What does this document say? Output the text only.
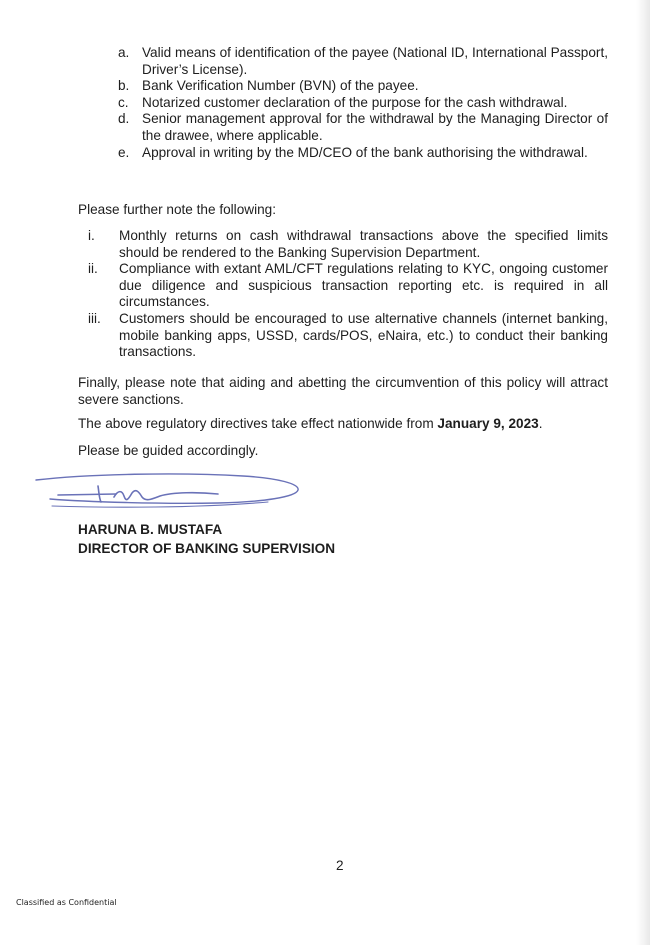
a. Valid means of identification of the payee (National ID, International Passport, Driver’s License).
b. Bank Verification Number (BVN) of the payee.
c. Notarized customer declaration of the purpose for the cash withdrawal.
d. Senior management approval for the withdrawal by the Managing Director of the drawee, where applicable.
e. Approval in writing by the MD/CEO of the bank authorising the withdrawal.

Please further note the following:

i. Monthly returns on cash withdrawal transactions above the specified limits should be rendered to the Banking Supervision Department.
ii. Compliance with extant AML/CFT regulations relating to KYC, ongoing customer due diligence and suspicious transaction reporting etc. is required in all circumstances.
iii. Customers should be encouraged to use alternative channels (internet banking, mobile banking apps, USSD, cards/POS, eNaira, etc.) to conduct their banking transactions.

Finally, please note that aiding and abetting the circumvention of this policy will attract severe sanctions.

The above regulatory directives take effect nationwide from January 9, 2023.

Please be guided accordingly.

HARUNA B. MUSTAFA
DIRECTOR OF BANKING SUPERVISION
2
Classified as Confidential
